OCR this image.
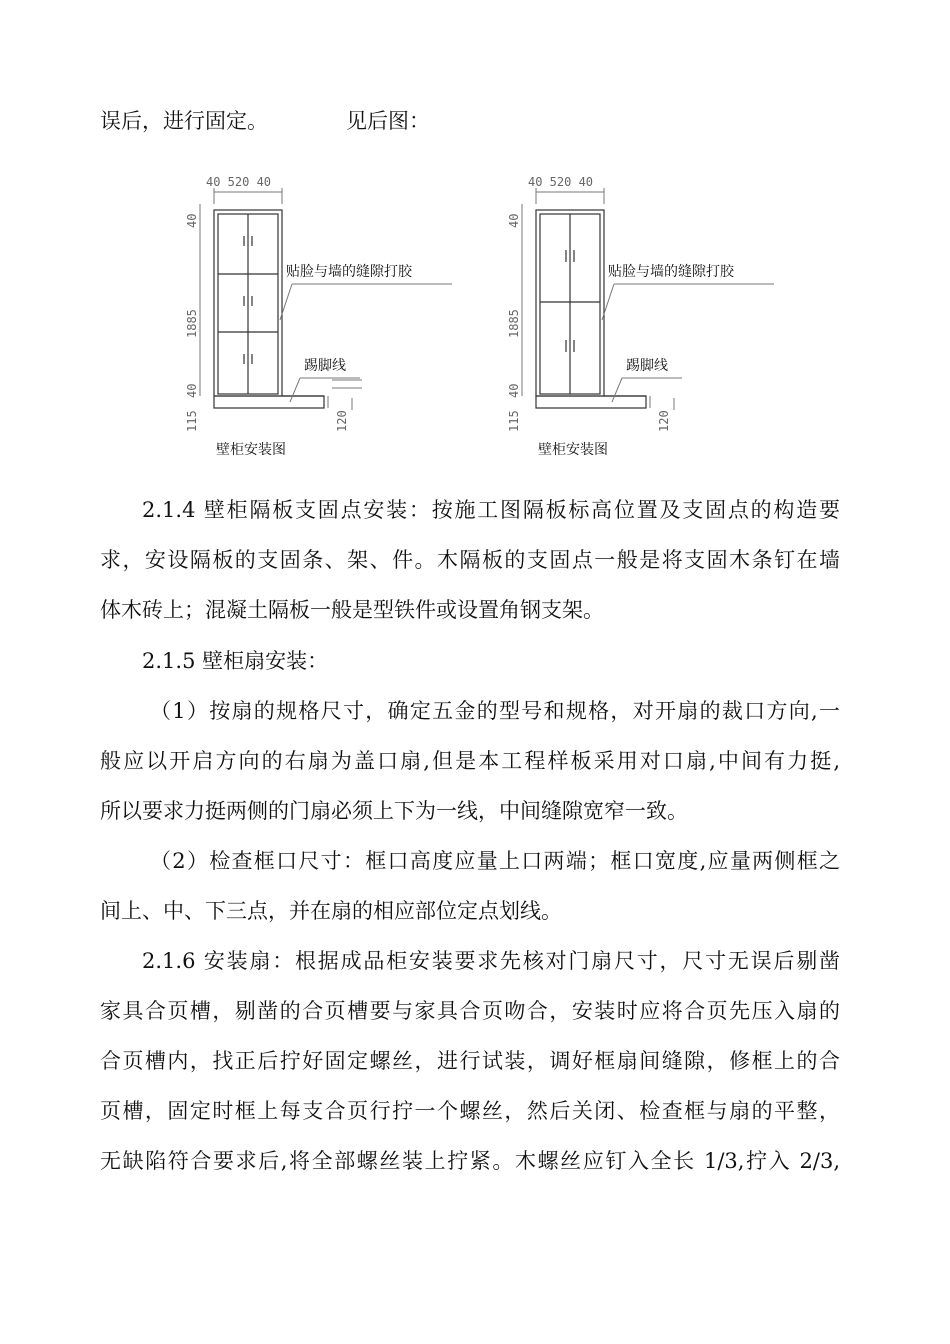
误后，进行固定。	见后图：
40 520 40
40
1885
40
115	120
贴脸与墙的缝隙打胶
踢脚线
壁柜安装图
40 520 40
40
1885
40
115	120
贴脸与墙的缝隙打胶
踢脚线
壁柜安装图
2.1.4 壁柜隔板支固点安装：按施工图隔板标高位置及支固点的构造要
求，安设隔板的支固条、架、件。木隔板的支固点一般是将支固木条钉在墙
体木砖上；混凝土隔板一般是型铁件或设置角钢支架。
2.1.5 壁柜扇安装：
（1）按扇的规格尺寸，确定五金的型号和规格，对开扇的裁口方向,一
般应以开启方向的右扇为盖口扇,但是本工程样板采用对口扇,中间有力挺,
所以要求力挺两侧的门扇必须上下为一线，中间缝隙宽窄一致。
（2）检查框口尺寸：框口高度应量上口两端；框口宽度,应量两侧框之
间上、中、下三点，并在扇的相应部位定点划线。
2.1.6 安装扇：根据成品柜安装要求先核对门扇尺寸，尺寸无误后剔凿
家具合页槽，剔凿的合页槽要与家具合页吻合，安装时应将合页先压入扇的
合页槽内，找正后拧好固定螺丝，进行试装，调好框扇间缝隙，修框上的合
页槽，固定时框上每支合页行拧一个螺丝，然后关闭、检查框与扇的平整，
无缺陷符合要求后,将全部螺丝装上拧紧。木螺丝应钉入全长 1/3,拧入 2/3,
